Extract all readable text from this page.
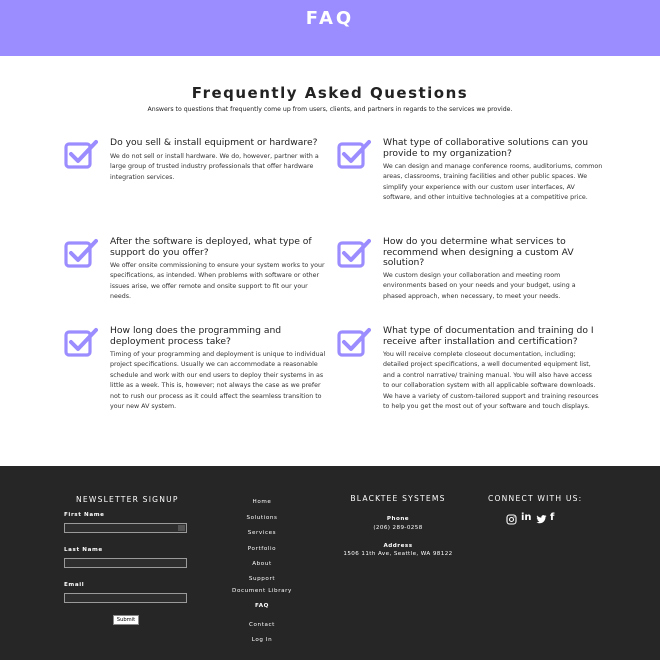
FAQ
Frequently Asked Questions

Answers to questions that frequently come up from users, clients, and partners in regards to the services we provide.

Do you sell & install equipment or hardware?
We do not sell or install hardware. We do, however, partner with a large group of trusted industry professionals that offer hardware integration services.
What type of collaborative solutions can you provide to my organization?
We can design and manage conference rooms, auditoriums, common areas, classrooms, training facilities and other public spaces. We simplify your experience with our custom user interfaces, AV software, and other intuitive technologies at a competitive price.
After the software is deployed, what type of support do you offer?
We offer onsite commissioning to ensure your system works to your specifications, as intended. When problems with software or other issues arise, we offer remote and onsite support to fit our your needs.
How do you determine what services to recommend when designing a custom AV solution?
We custom design your collaboration and meeting room environments based on your needs and your budget, using a phased approach, when necessary, to meet your needs.
How long does the programming and deployment process take?
Timing of your programming and deployment is unique to individual project specifications. Usually we can accommodate a reasonable schedule and work with our end users to deploy their systems in as little as a week. This is, however; not always the case as we prefer not to rush our process as it could affect the seamless transition to your new AV system.
What type of documentation and training do I receive after installation and certification?
You will receive complete closeout documentation, including; detailed project specifications, a well documented equipment list, and a control narrative/ training manual. You will also have access to our collaboration system with all applicable software downloads. We have a variety of custom-tailored support and training resources to help you get the most out of your software and touch displays.
NEWSLETTER SIGNUP
First Name
Last Name
Email
Submit
Home
Solutions
Services
Portfolio
About
Support
Document Library
FAQ
Contact
Log In
BLACKTEE SYSTEMS
Phone
(206) 289-0258
Address
1506 11th Ave, Seattle, WA 98122
CONNECT WITH US:
in f
